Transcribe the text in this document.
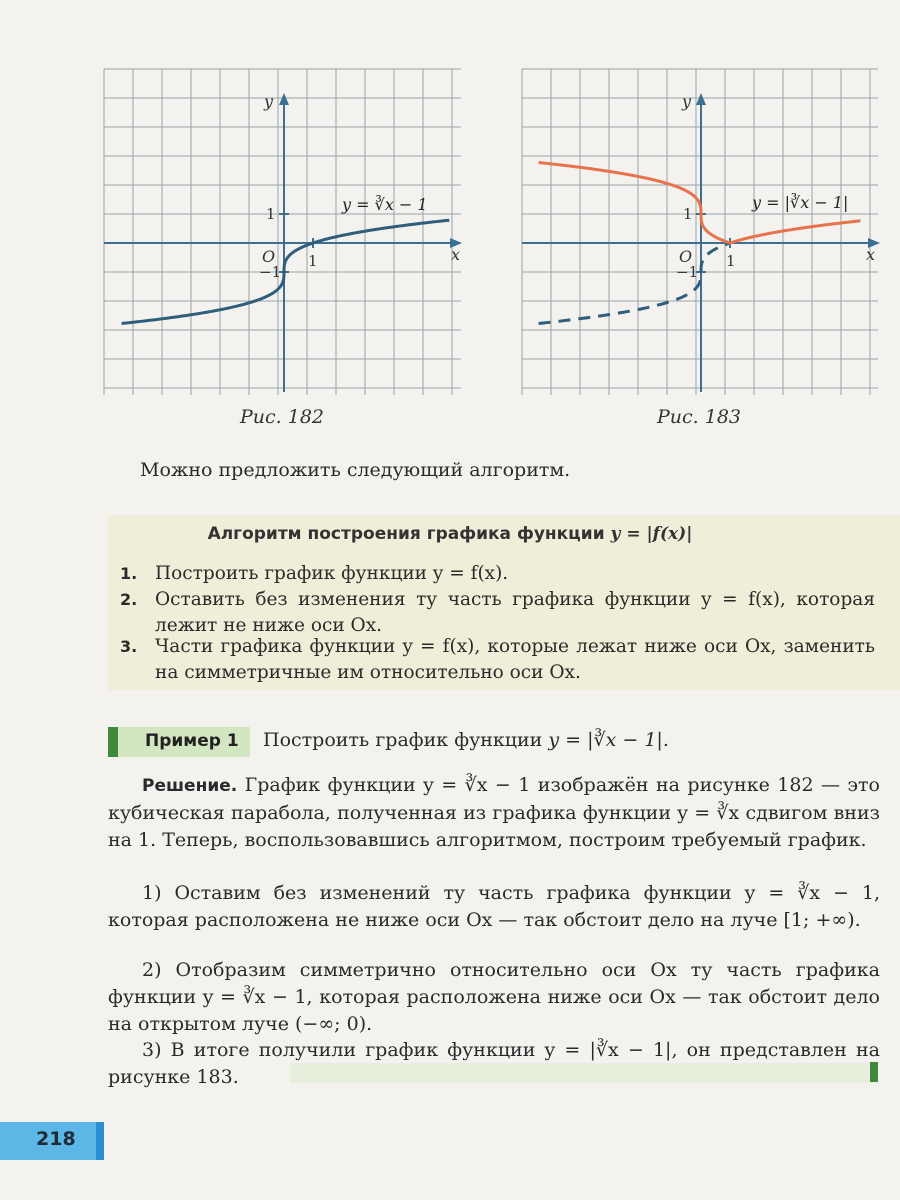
y
x
O 1
1
−1
y = ∛x − 1
Рис. 182
y
x
O 1
1
−1
y = |∛x − 1|
Рис. 183
Можно предложить следующий алгоритм.
Алгоритм построения графика функции y = |f(x)|
1. Построить график функции y = f(x).
2. Оставить без изменения ту часть графика функции y = f(x), которая лежит не ниже оси Ox.
3. Части графика функции y = f(x), которые лежат ниже оси Ox, заменить на симметричные им относительно оси Ox.
Пример 1 Построить график функции y = |∛x − 1|.
Решение. График функции y = ∛x − 1 изображён на рисунке 182 — это кубическая парабола, полученная из графика функции y = ∛x сдвигом вниз на 1. Теперь, воспользовавшись алгоритмом, построим требуемый график.
1) Оставим без изменений ту часть графика функции y = ∛x − 1, которая расположена не ниже оси Ox — так обстоит дело на луче [1; +∞).
2) Отобразим симметрично относительно оси Ox ту часть графика функции y = ∛x − 1, которая расположена ниже оси Ox — так обстоит дело на открытом луче (−∞; 0).
3) В итоге получили график функции y = |∛x − 1|, он представлен на рисунке 183.
218
